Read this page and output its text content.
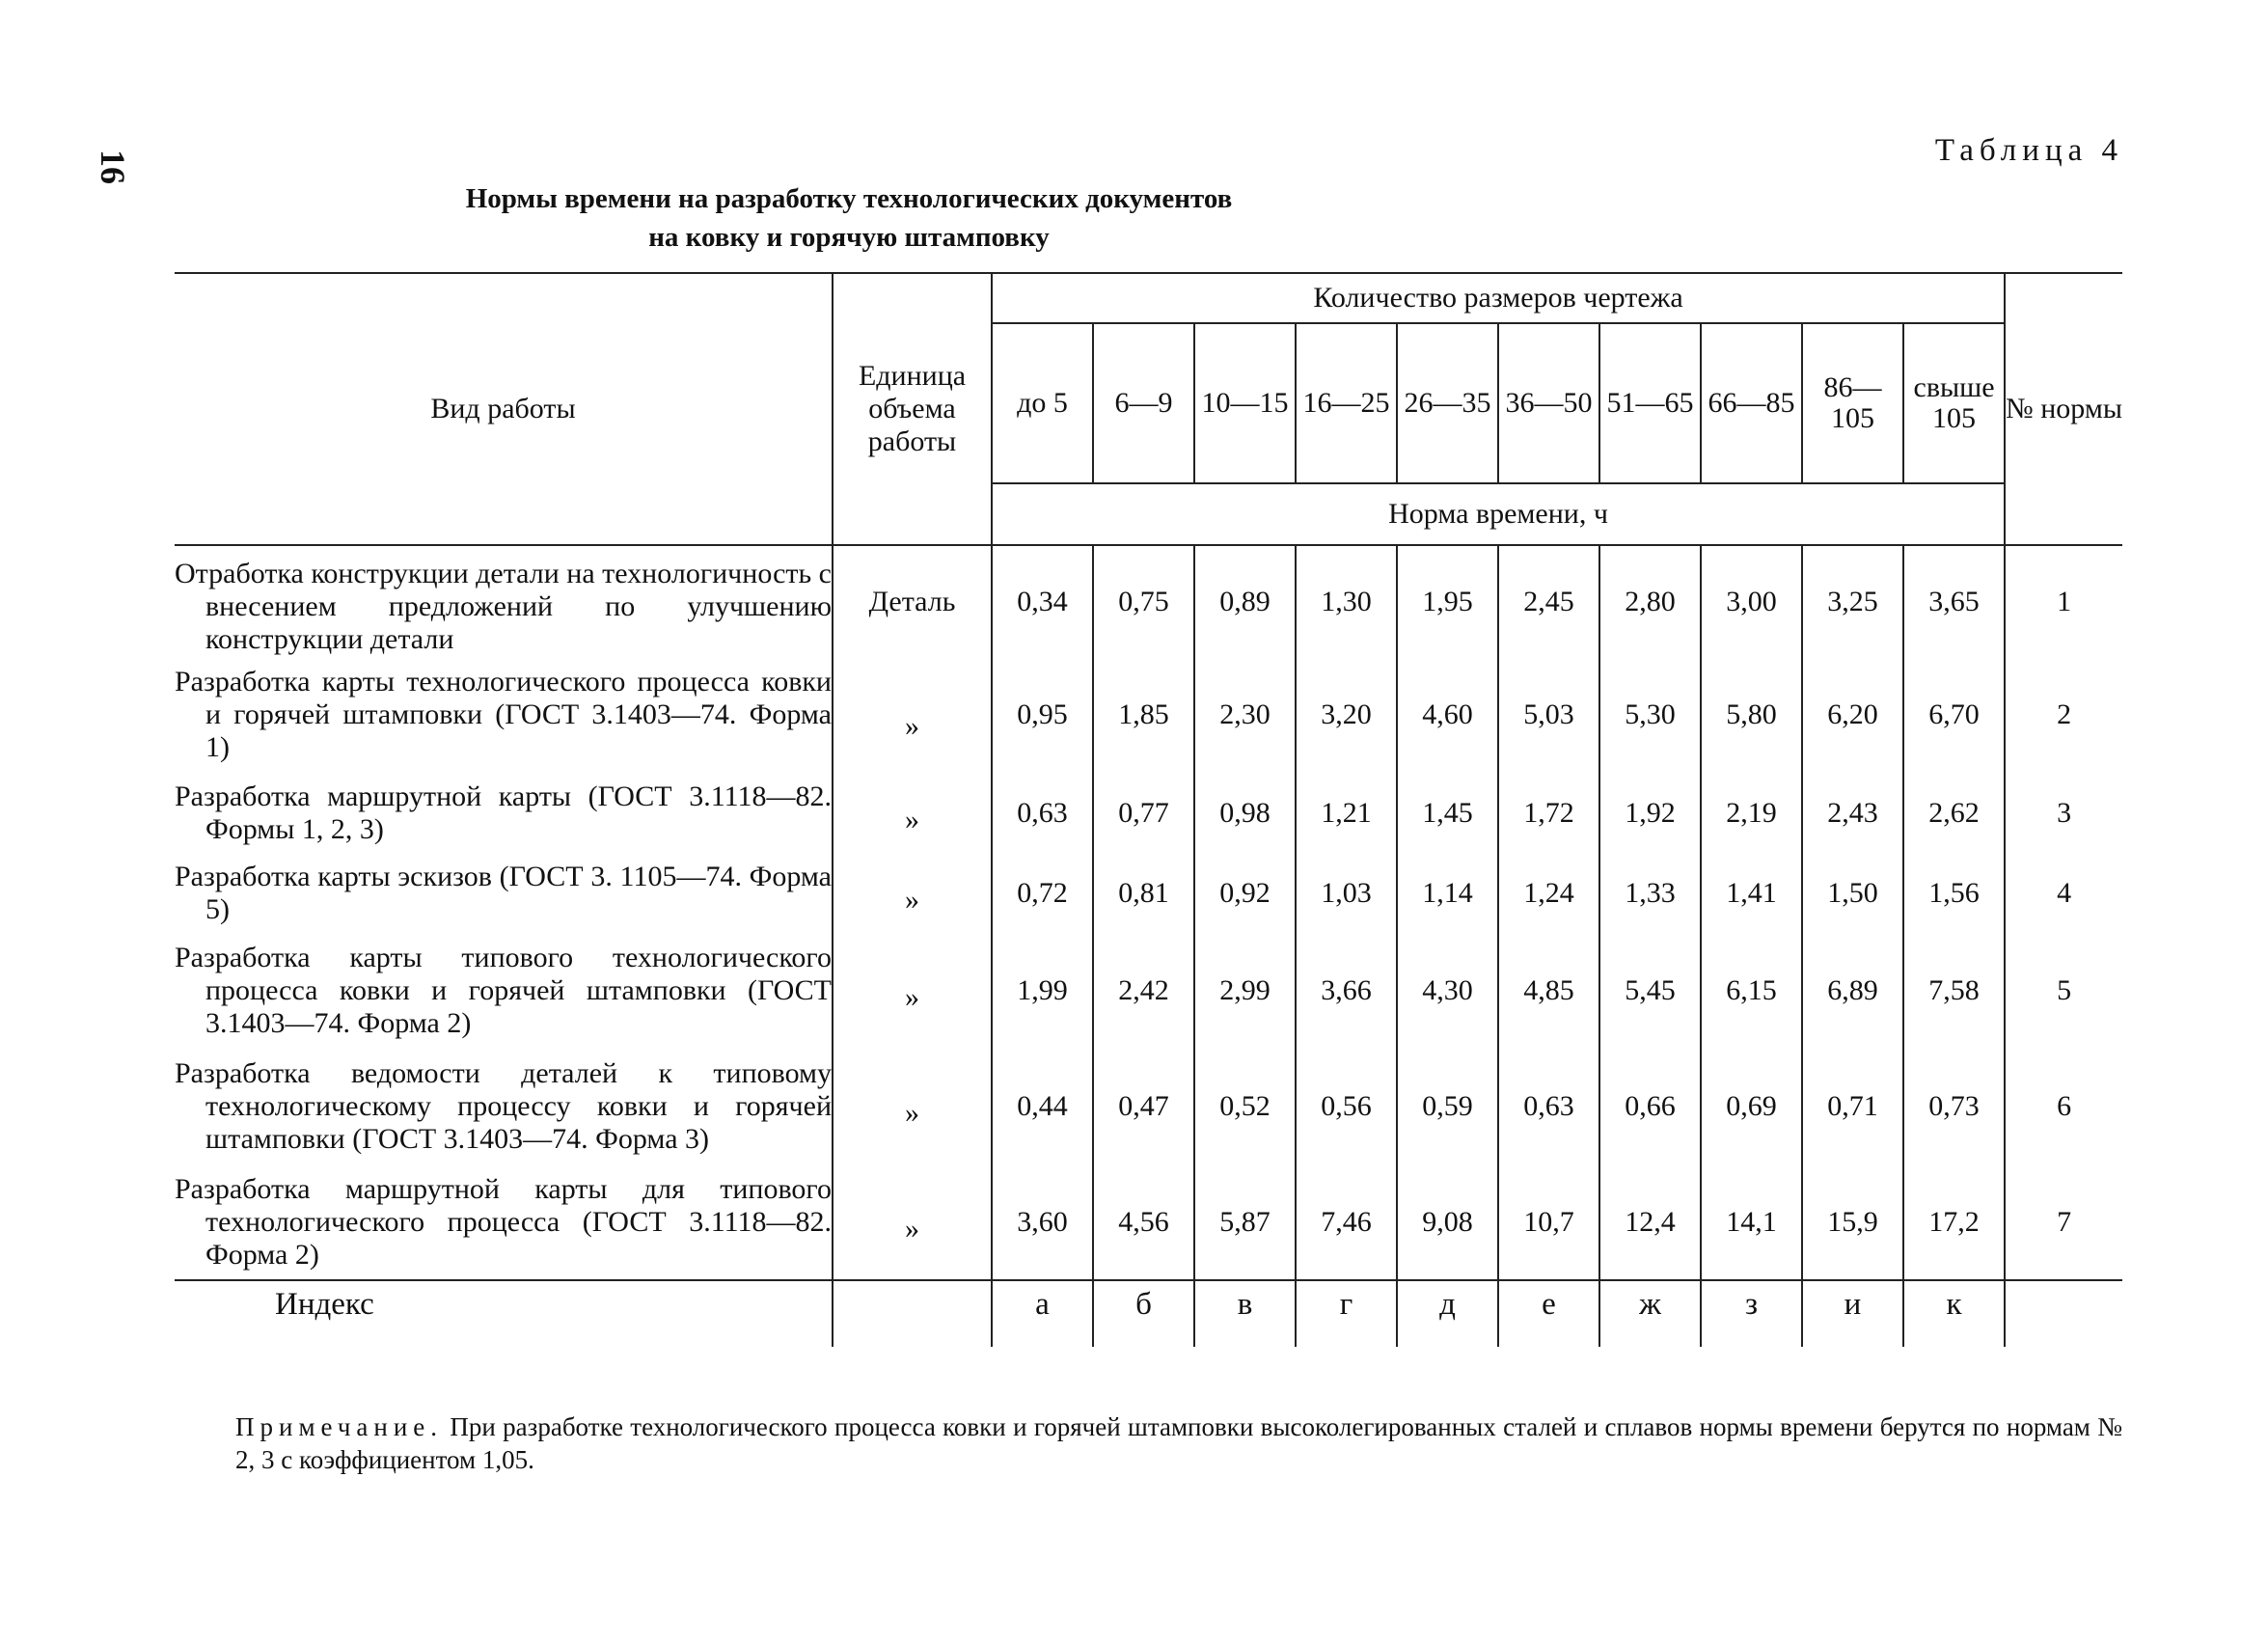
16	Таблица 4
Нормы времени на разработку технологических документов
на ковку и горячую штамповку
Вид работы	Единица объема работы	Количество размеров чертежа										№ нормы
		до 5	6—9	10—15	16—25	26—35	36—50	51—65	66—85	86—105	свыше 105	
		Норма времени, ч										

Отработка конструкции детали на технологичность с внесением предложений по улучшению конструкции детали	Деталь	0,34	0,75	0,89	1,30	1,95	2,45	2,80	3,00	3,25	3,65	1

Разработка карты технологического процесса ковки и горячей штамповки (ГОСТ 3.1403—74. Форма 1)	»	0,95	1,85	2,30	3,20	4,60	5,03	5,30	5,80	6,20	6,70	2

Разработка маршрутной карты (ГОСТ 3.1118—82. Формы 1, 2, 3)	»	0,63	0,77	0,98	1,21	1,45	1,72	1,92	2,19	2,43	2,62	3

Разработка карты эскизов (ГОСТ 3. 1105—74. Форма 5)	»	0,72	0,81	0,92	1,03	1,14	1,24	1,33	1,41	1,50	1,56	4

Разработка карты типового технологического процесса ковки и горячей штамповки (ГОСТ 3.1403—74. Форма 2)	»	1,99	2,42	2,99	3,66	4,30	4,85	5,45	6,15	6,89	7,58	5

Разработка ведомости деталей к типовому технологическому процессу ковки и горячей штамповки (ГОСТ 3.1403—74. Форма 3)	»	0,44	0,47	0,52	0,56	0,59	0,63	0,66	0,69	0,71	0,73	6

Разработка маршрутной карты для типового технологического процесса (ГОСТ 3.1118—82. Форма 2)	»	3,60	4,56	5,87	7,46	9,08	10,7	12,4	14,1	15,9	17,2	7
Индекс		а	б	в	г	д	е	ж	з	и	к	
Примечание. При разработке технологического процесса ковки и горячей штамповки высоколегированных сталей и сплавов нормы времени берутся по нормам № 2, 3 с коэффициентом 1,05.
